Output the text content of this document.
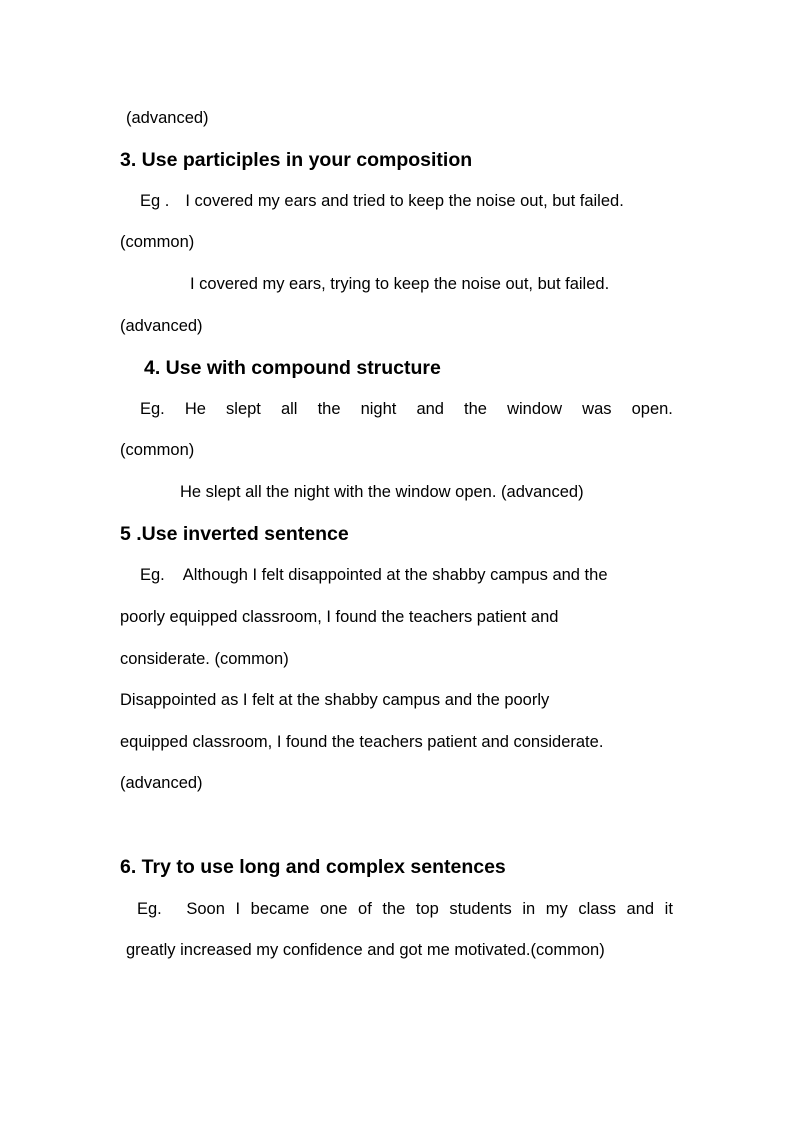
(advanced)
3. Use participles in your composition
Eg . I covered my ears and tried to keep the noise out, but failed.
(common)
I covered my ears, trying to keep the noise out, but failed.
(advanced)
4. Use with compound structure
Eg. He slept all the night and the window was open.
(common)
He slept all the night with the window open. (advanced)
5 .Use inverted sentence
Eg. Although I felt disappointed at the shabby campus and the
poorly equipped classroom, I found the teachers patient and
considerate. (common)
Disappointed as I felt at the shabby campus and the poorly
equipped classroom, I found the teachers patient and considerate.
(advanced)
6. Try to use long and complex sentences
Eg. Soon I became one of the top students in my class and it
greatly increased my confidence and got me motivated.(common)
